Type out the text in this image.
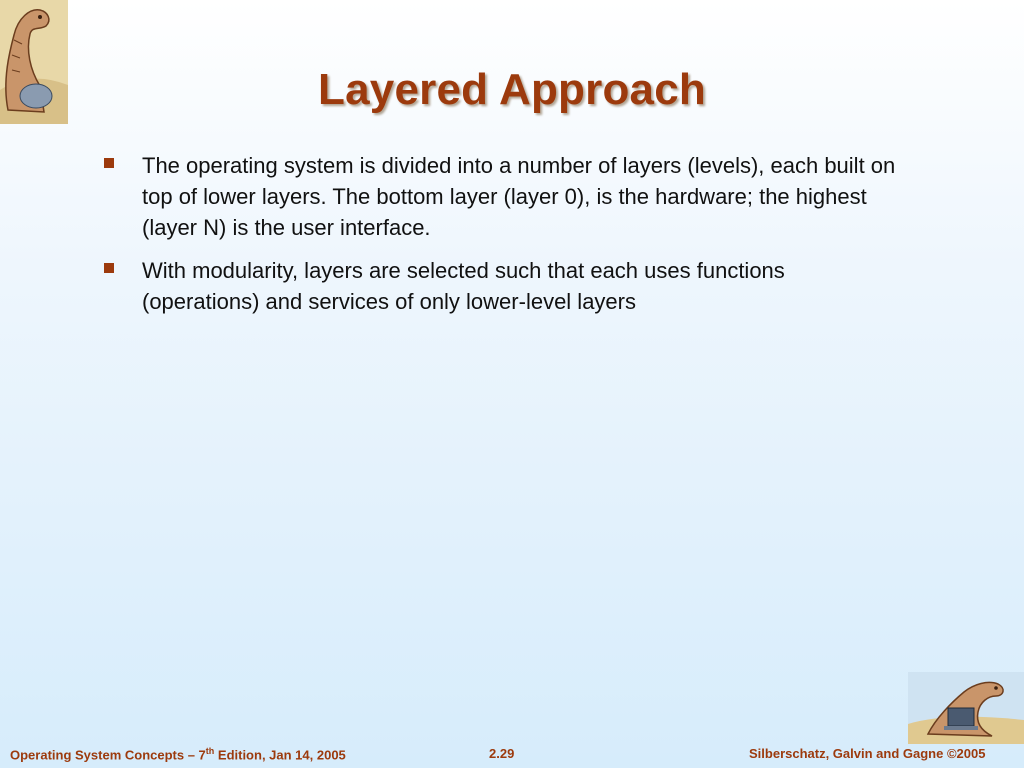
Layered Approach
The operating system is divided into a number of layers (levels), each built on top of lower layers. The bottom layer (layer 0), is the hardware; the highest (layer N) is the user interface.
With modularity, layers are selected such that each uses functions (operations) and services of only lower-level layers
Operating System Concepts – 7th Edition, Jan 14, 2005	2.29	Silberschatz, Galvin and Gagne ©2005
